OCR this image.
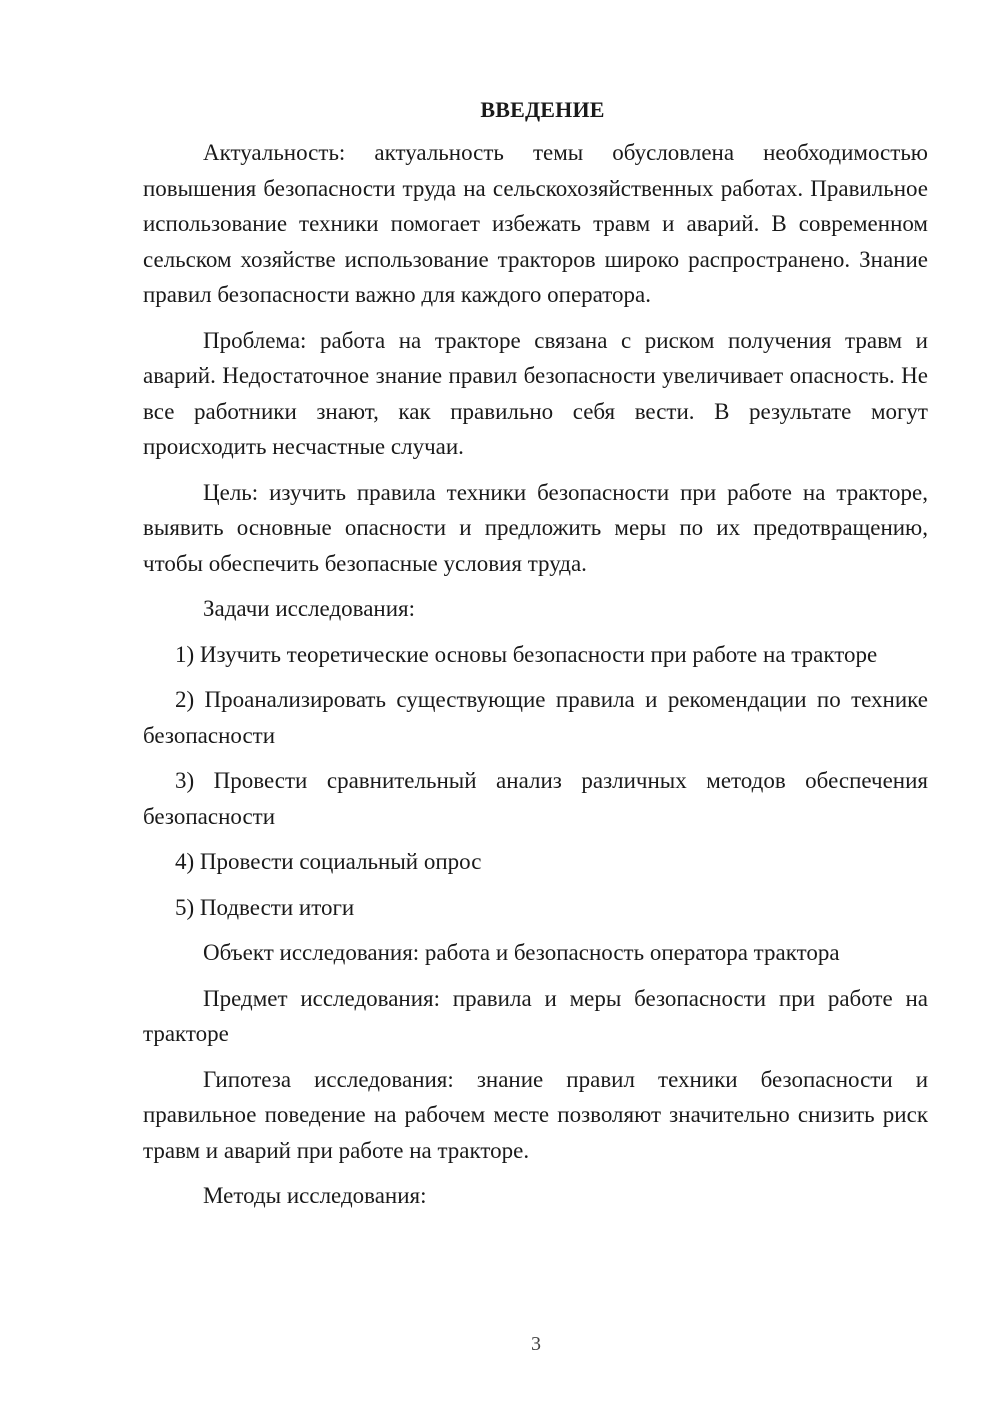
ВВЕДЕНИЕ

Актуальность: актуальность темы обусловлена необходимостью повышения безопасности труда на сельскохозяйственных работах. Правильное использование техники помогает избежать травм и аварий. В современном сельском хозяйстве использование тракторов широко распространено. Знание правил безопасности важно для каждого оператора.

Проблема: работа на тракторе связана с риском получения травм и аварий. Недостаточное знание правил безопасности увеличивает опасность. Не все работники знают, как правильно себя вести. В результате могут происходить несчастные случаи.

Цель: изучить правила техники безопасности при работе на тракторе, выявить основные опасности и предложить меры по их предотвращению, чтобы обеспечить безопасные условия труда.

Задачи исследования:

1) Изучить теоретические основы безопасности при работе на тракторе

2) Проанализировать существующие правила и рекомендации по технике безопасности

3) Провести сравнительный анализ различных методов обеспечения безопасности

4) Провести социальный опрос

5) Подвести итоги

Объект исследования: работа и безопасность оператора трактора

Предмет исследования: правила и меры безопасности при работе на тракторе

Гипотеза исследования: знание правил техники безопасности и правильное поведение на рабочем месте позволяют значительно снизить риск травм и аварий при работе на тракторе.

Методы исследования:

3
